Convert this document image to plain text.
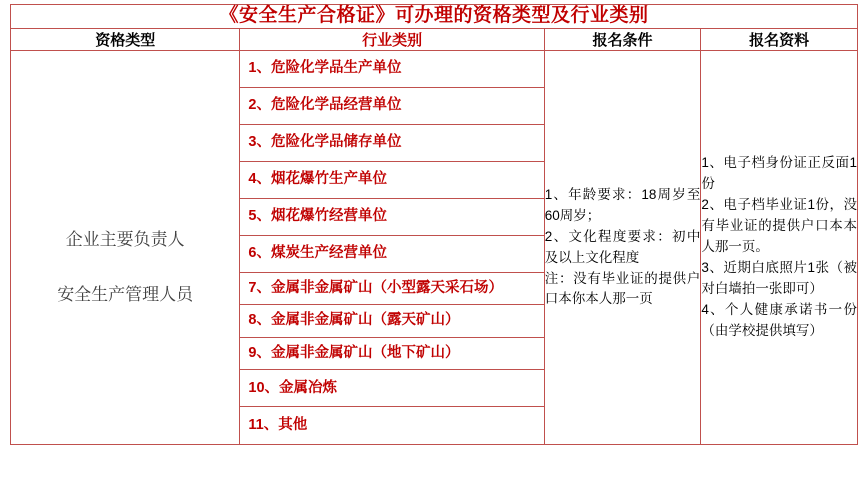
《安全生产合格证》可办理的资格类型及行业类别			
资格类型	行业类别	报名条件	报名资料

企业主要负责人
安全生产管理人员

1、危险化学品生产单位
2、危险化学品经营单位
3、危险化学品储存单位
4、烟花爆竹生产单位
5、烟花爆竹经营单位
6、煤炭生产经营单位
7、金属非金属矿山（小型露天采石场）
8、金属非金属矿山（露天矿山）
9、金属非金属矿山（地下矿山）
10、金属冶炼
11、其他

1、年龄要求：18周岁至60周岁；
2、文化程度要求：初中及以上文化程度
注：没有毕业证的提供户口本你本人那一页

1、电子档身份证正反面1份
2、电子档毕业证1份，没有毕业证的提供户口本本人那一页。
3、近期白底照片1张（被对白墙拍一张即可）
4、个人健康承诺书一份（由学校提供填写）
